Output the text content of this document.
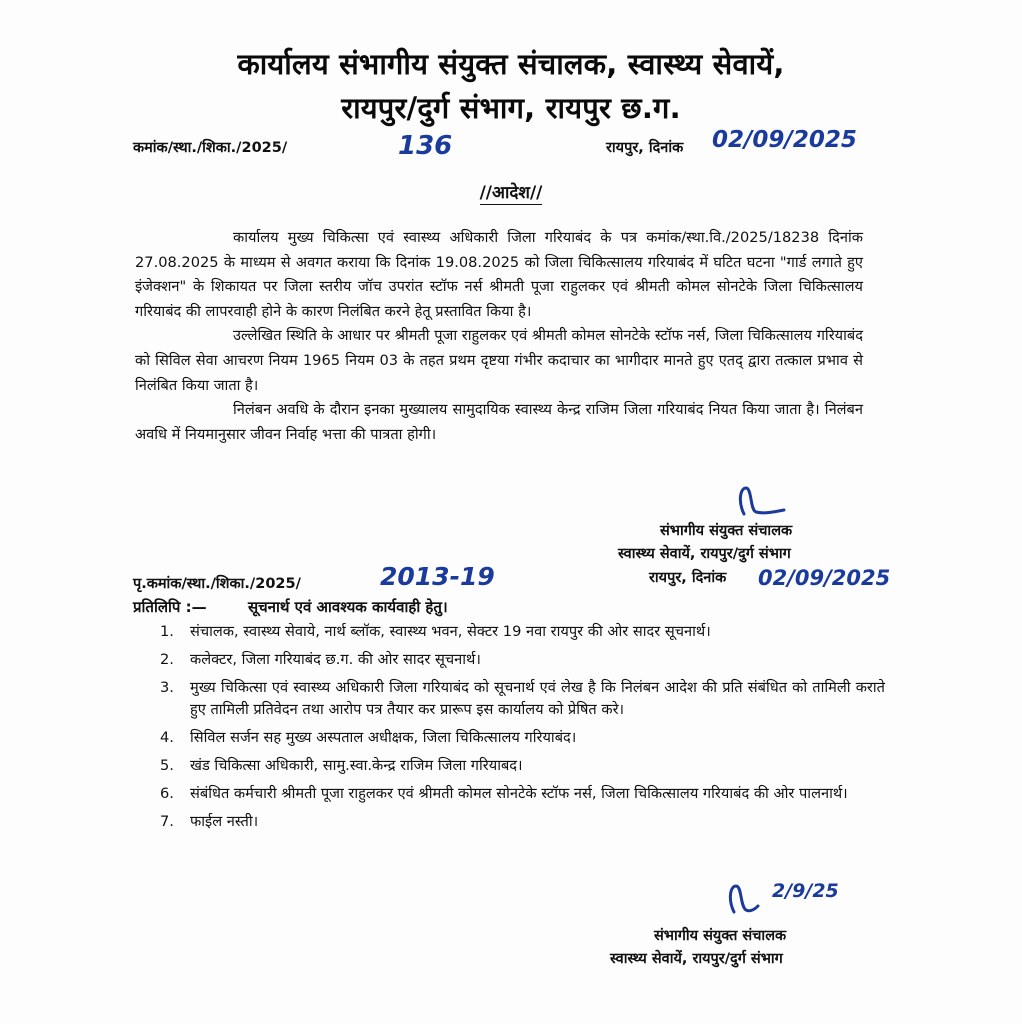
कार्यालय संभागीय संयुक्त संचालक, स्वास्थ्य सेवायें,
रायपुर/दुर्ग संभाग, रायपुर छ.ग.
कमांक/स्था./शिका./2025/	136	रायपुर, दिनांक 02/09/2025
//आदेश//

कार्यालय मुख्य चिकित्सा एवं स्वास्थ्य अधिकारी जिला गरियाबंद के पत्र कमांक/स्था.वि./2025/18238 दिनांक 27.08.2025 के माध्यम से अवगत कराया कि दिनांक 19.08.2025 को जिला चिकित्सालय गरियाबंद में घटित घटना "गार्ड लगाते हुए इंजेक्शन" के शिकायत पर जिला स्तरीय जॉच उपरांत स्टॉफ नर्स श्रीमती पूजा राहुलकर एवं श्रीमती कोमल सोनटेके जिला चिकित्सालय गरियाबंद की लापरवाही होने के कारण निलंबित करने हेतू प्रस्तावित किया है।

उल्लेखित स्थिति के आधार पर श्रीमती पूजा राहुलकर एवं श्रीमती कोमल सोनटेके स्टॉफ नर्स, जिला चिकित्सालय गरियाबंद को सिविल सेवा आचरण नियम 1965 नियम 03 के तहत प्रथम दृष्टया गंभीर कदाचार का भागीदार मानते हुए एतद् द्वारा तत्काल प्रभाव से निलंबित किया जाता है।

निलंबन अवधि के दौरान इनका मुख्यालय सामुदायिक स्वास्थ्य केन्द्र राजिम जिला गरियाबंद नियत किया जाता है। निलंबन अवधि में नियमानुसार जीवन निर्वाह भत्ता की पात्रता होगी।

संभागीय संयुक्त संचालक
स्वास्थ्य सेवायें, रायपुर/दुर्ग संभाग
पृ.कमांक/स्था./शिका./2025/	2013-19	रायपुर, दिनांक 02/09/2025
प्रतिलिपि :—	सूचनार्थ एवं आवश्यक कार्यवाही हेतु।
1.	संचालक, स्वास्थ्य सेवाये, नार्थ ब्लॉक, स्वास्थ्य भवन, सेक्टर 19 नवा रायपुर की ओर सादर सूचनार्थ।
2.	कलेक्टर, जिला गरियाबंद छ.ग. की ओर सादर सूचनार्थ।
3.	मुख्य चिकित्सा एवं स्वास्थ्य अधिकारी जिला गरियाबंद को सूचनार्थ एवं लेख है कि निलंबन आदेश की प्रति संबंधित को तामिली कराते हुए तामिली प्रतिवेदन तथा आरोप पत्र तैयार कर प्रारूप इस कार्यालय को प्रेषित करे।
4.	सिविल सर्जन सह मुख्य अस्पताल अधीक्षक, जिला चिकित्सालय गरियाबंद।
5.	खंड चिकित्सा अधिकारी, सामु.स्वा.केन्द्र राजिम जिला गरियाबद।
6.	संबंधित कर्मचारी श्रीमती पूजा राहुलकर एवं श्रीमती कोमल सोनटेके स्टॉफ नर्स, जिला चिकित्सालय गरियाबंद की ओर पालनार्थ।
7.	फाईल नस्ती।
2/9/25
संभागीय संयुक्त संचालक
स्वास्थ्य सेवायें, रायपुर/दुर्ग संभाग
